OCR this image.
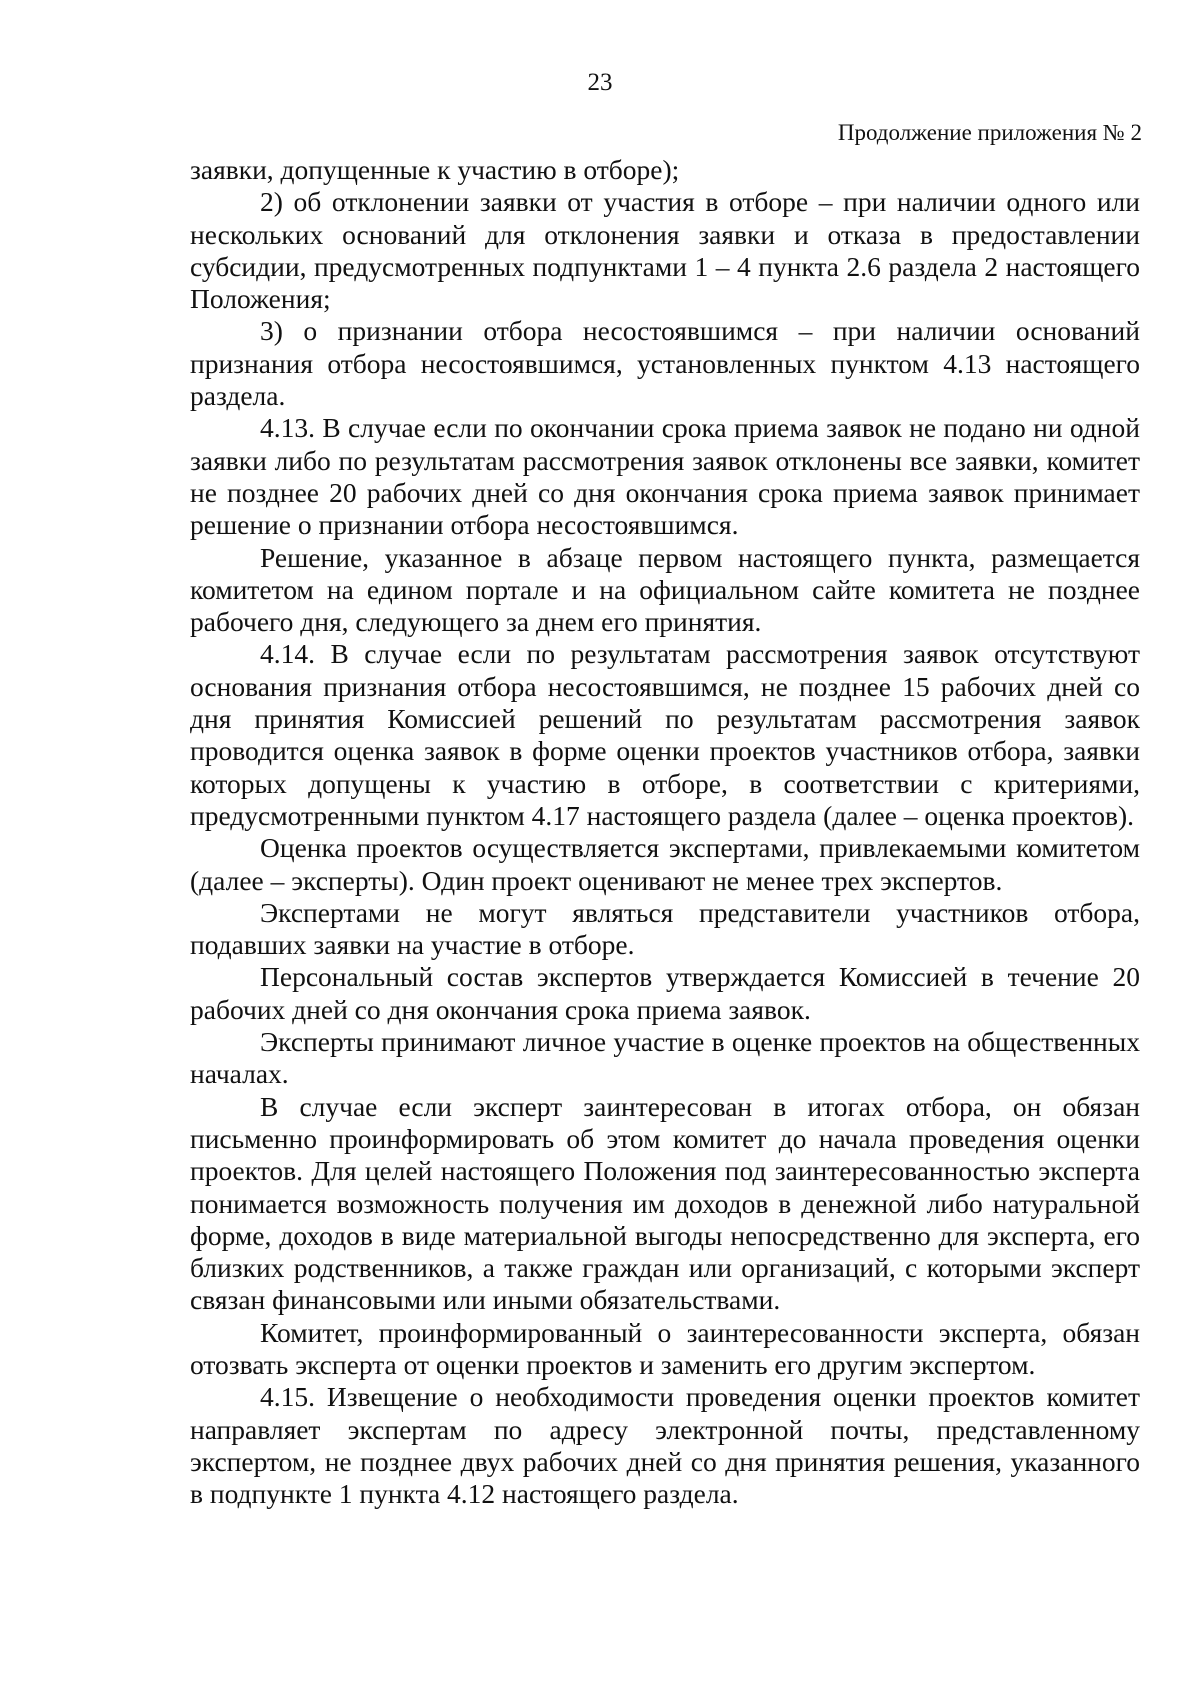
23
Продолжение приложения № 2

заявки, допущенные к участию в отборе);

2) об отклонении заявки от участия в отборе – при наличии одного или нескольких оснований для отклонения заявки и отказа в предоставлении субсидии, предусмотренных подпунктами 1 – 4 пункта 2.6 раздела 2 настоящего Положения;

3) о признании отбора несостоявшимся – при наличии оснований признания отбора несостоявшимся, установленных пунктом 4.13 настоящего раздела.

4.13. В случае если по окончании срока приема заявок не подано ни одной заявки либо по результатам рассмотрения заявок отклонены все заявки, комитет не позднее 20 рабочих дней со дня окончания срока приема заявок принимает решение о признании отбора несостоявшимся.

Решение, указанное в абзаце первом настоящего пункта, размещается комитетом на едином портале и на официальном сайте комитета не позднее рабочего дня, следующего за днем его принятия.

4.14. В случае если по результатам рассмотрения заявок отсутствуют основания признания отбора несостоявшимся, не позднее 15 рабочих дней со дня принятия Комиссией решений по результатам рассмотрения заявок проводится оценка заявок в форме оценки проектов участников отбора, заявки которых допущены к участию в отборе, в соответствии с критериями, предусмотренными пунктом 4.17 настоящего раздела (далее – оценка проектов).

Оценка проектов осуществляется экспертами, привлекаемыми комитетом (далее – эксперты). Один проект оценивают не менее трех экспертов.

Экспертами не могут являться представители участников отбора, подавших заявки на участие в отборе.

Персональный состав экспертов утверждается Комиссией в течение 20 рабочих дней со дня окончания срока приема заявок.

Эксперты принимают личное участие в оценке проектов на общественных началах.

В случае если эксперт заинтересован в итогах отбора, он обязан письменно проинформировать об этом комитет до начала проведения оценки проектов. Для целей настоящего Положения под заинтересованностью эксперта понимается возможность получения им доходов в денежной либо натуральной форме, доходов в виде материальной выгоды непосредственно для эксперта, его близких родственников, а также граждан или организаций, с которыми эксперт связан финансовыми или иными обязательствами.

Комитет, проинформированный о заинтересованности эксперта, обязан отозвать эксперта от оценки проектов и заменить его другим экспертом.

4.15. Извещение о необходимости проведения оценки проектов комитет направляет экспертам по адресу электронной почты, представленному экспертом, не позднее двух рабочих дней со дня принятия решения, указанного в подпункте 1 пункта 4.12 настоящего раздела.
